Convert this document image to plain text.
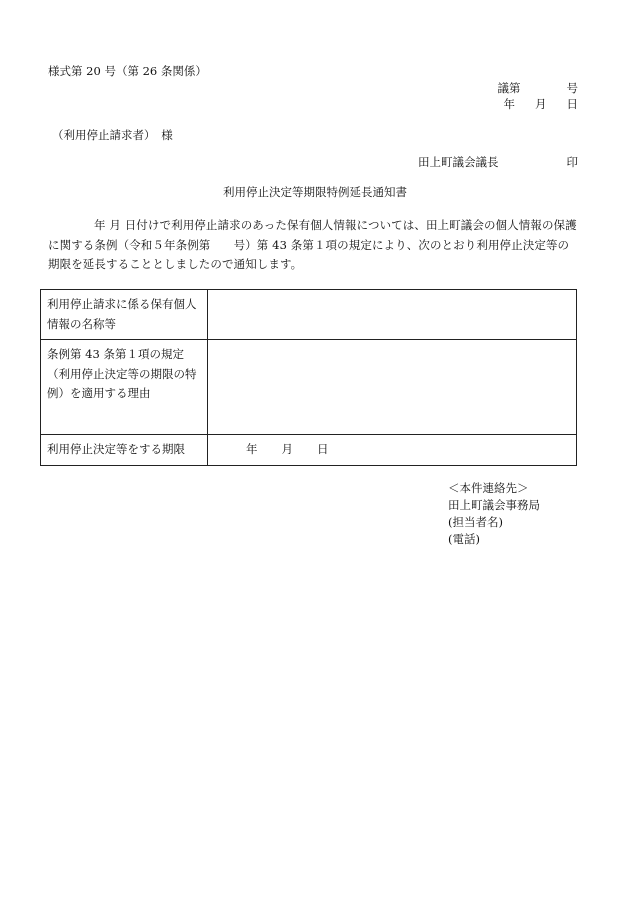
様式第 20 号（第 26 条関係）
議第	号
年 月 日
（利用停止請求者）　様
田上町議会議長	印
利用停止決定等期限特例延長通知書
年 月 日付けで利用停止請求のあった保有個人情報については、田上町議会の個人情報の保護に関する条例（令和５年条例第　　号）第 43 条第１項の規定により、次のとおり利用停止決定等の期限を延長することとしましたので通知します。
利用停止請求に係る保有個人情報の名称等	
条例第 43 条第１項の規定（利用停止決定等の期限の特例）を適用する理由	
利用停止決定等をする期限	年 月 日
＜本件連絡先＞
田上町議会事務局
(担当者名)
(電話)
